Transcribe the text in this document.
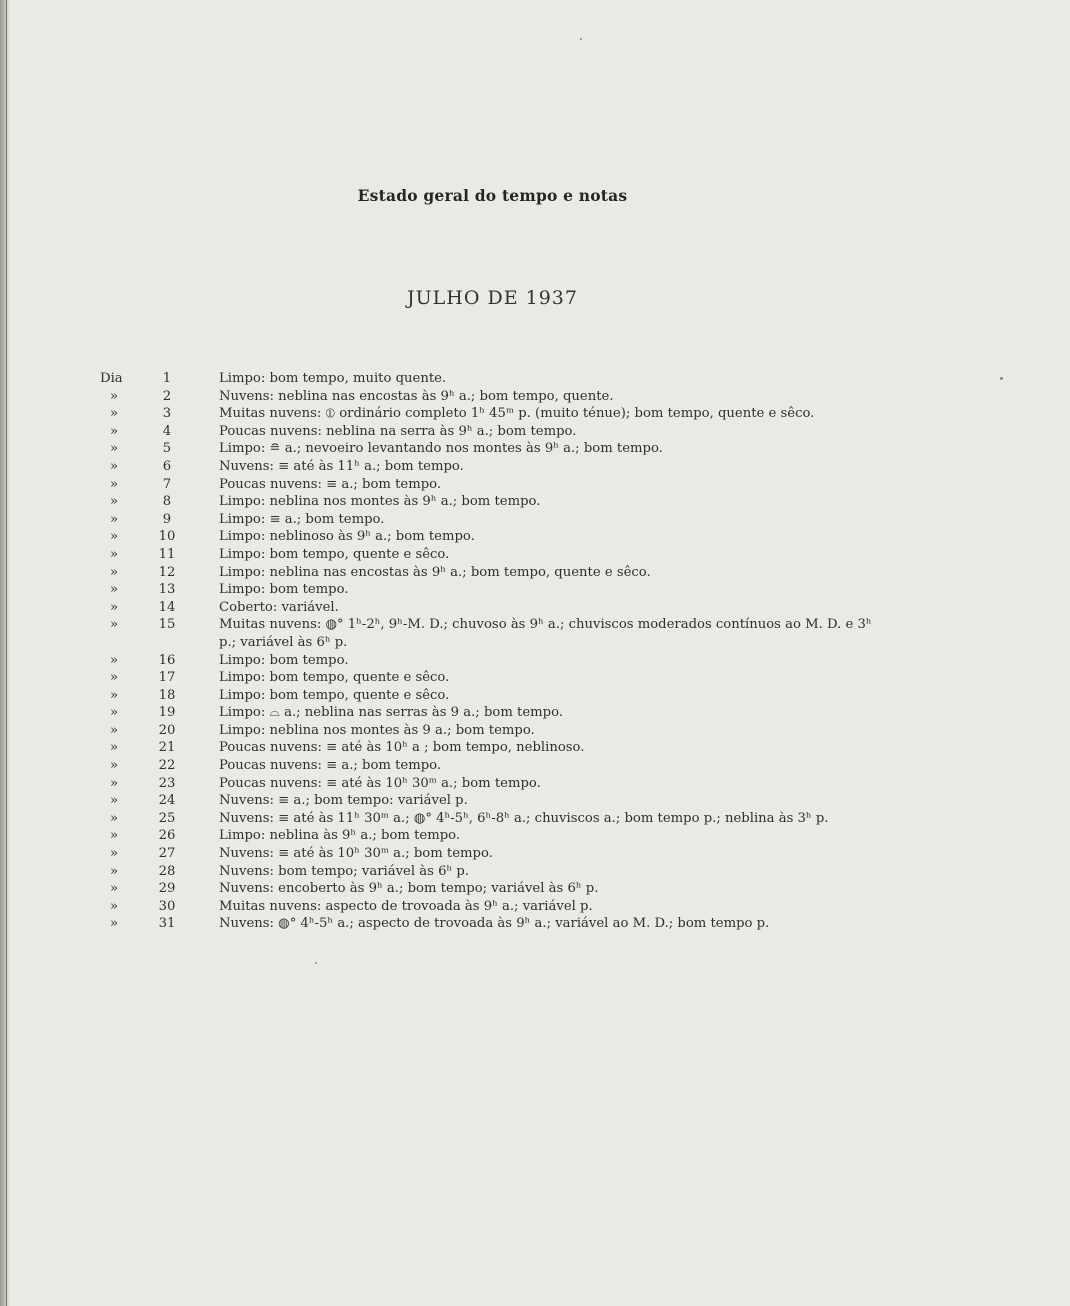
Estado geral do tempo e notas
JULHO DE 1937
Dia	1	Limpo: bom tempo, muito quente.
»	2	Nuvens: neblina nas encostas às 9ʰ a.; bom tempo, quente.
»	3	Muitas nuvens: ⦶ ordinário completo 1ʰ 45ᵐ p. (muito ténue); bom tempo, quente e sêco.
»	4	Poucas nuvens: neblina na serra às 9ʰ a.; bom tempo.
»	5	Limpo: ≘ a.; nevoeiro levantando nos montes às 9ʰ a.; bom tempo.
»	6	Nuvens: ≡ até às 11ʰ a.; bom tempo.
»	7	Poucas nuvens: ≡ a.; bom tempo.
»	8	Limpo: neblina nos montes às 9ʰ a.; bom tempo.
»	9	Limpo: ≡ a.; bom tempo.
»	10	Limpo: neblinoso às 9ʰ a.; bom tempo.
»	11	Limpo: bom tempo, quente e sêco.
»	12	Limpo: neblina nas encostas às 9ʰ a.; bom tempo, quente e sêco.
»	13	Limpo: bom tempo.
»	14	Coberto: variável.
»	15	Muitas nuvens: ◍° 1ʰ-2ʰ, 9ʰ-M. D.; chuvoso às 9ʰ a.; chuviscos moderados contínuos ao M. D. e 3ʰ p.; variável às 6ʰ p.
»	16	Limpo: bom tempo.
»	17	Limpo: bom tempo, quente e sêco.
»	18	Limpo: bom tempo, quente e sêco.
»	19	Limpo: ⌓ a.; neblina nas serras às 9 a.; bom tempo.
»	20	Limpo: neblina nos montes às 9 a.; bom tempo.
»	21	Poucas nuvens: ≡ até às 10ʰ a ; bom tempo, neblinoso.
»	22	Poucas nuvens: ≡ a.; bom tempo.
»	23	Poucas nuvens: ≡ até às 10ʰ 30ᵐ a.; bom tempo.
»	24	Nuvens: ≡ a.; bom tempo: variável p.
»	25	Nuvens: ≡ até às 11ʰ 30ᵐ a.; ◍° 4ʰ-5ʰ, 6ʰ-8ʰ a.; chuviscos a.; bom tempo p.; neblina às 3ʰ p.
»	26	Limpo: neblina às 9ʰ a.; bom tempo.
»	27	Nuvens: ≡ até às 10ʰ 30ᵐ a.; bom tempo.
»	28	Nuvens: bom tempo; variável às 6ʰ p.
»	29	Nuvens: encoberto às 9ʰ a.; bom tempo; variável às 6ʰ p.
»	30	Muitas nuvens: aspecto de trovoada às 9ʰ a.; variável p.
»	31	Nuvens: ◍° 4ʰ-5ʰ a.; aspecto de trovoada às 9ʰ a.; variável ao M. D.; bom tempo p.
